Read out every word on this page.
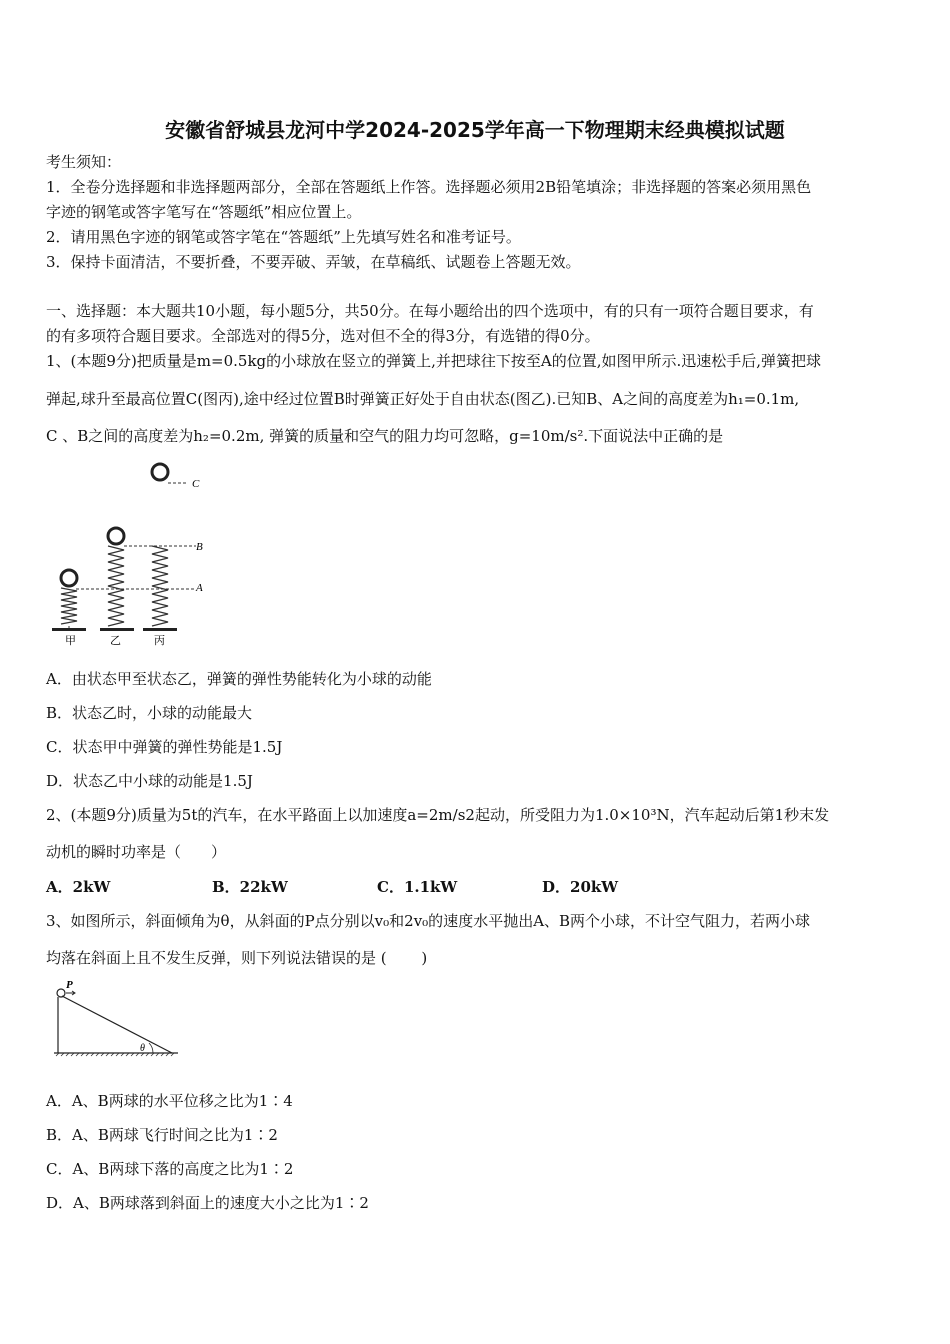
安徽省舒城县龙河中学2024-2025学年高一下物理期末经典模拟试题
考生须知：
1．全卷分选择题和非选择题两部分，全部在答题纸上作答。选择题必须用2B铅笔填涂；非选择题的答案必须用黑色
字迹的钢笔或答字笔写在“答题纸”相应位置上。
2．请用黑色字迹的钢笔或答字笔在“答题纸”上先填写姓名和准考证号。
3．保持卡面清洁，不要折叠，不要弄破、弄皱，在草稿纸、试题卷上答题无效。
一、选择题：本大题共10小题，每小题5分，共50分。在每小题给出的四个选项中，有的只有一项符合题目要求，有
的有多项符合题目要求。全部选对的得5分，选对但不全的得3分，有选错的得0分。
1、(本题9分)把质量是m=0.5kg的小球放在竖立的弹簧上,并把球往下按至A的位置,如图甲所示.迅速松手后,弹簧把球
弹起,球升至最高位置C(图丙),途中经过位置B时弹簧正好处于自由状态(图乙).已知B、A之间的高度差为h₁=0.1m,
C 、B之间的高度差为h₂=0.2m, 弹簧的质量和空气的阻力均可忽略，g=10m/s².下面说法中正确的是
C
B
A
甲	乙	丙
A．由状态甲至状态乙，弹簧的弹性势能转化为小球的动能
B．状态乙时，小球的动能最大
C．状态甲中弹簧的弹性势能是1.5J
D．状态乙中小球的动能是1.5J
2、(本题9分)质量为5t的汽车，在水平路面上以加速度a=2m/s2起动，所受阻力为1.0×10³N，汽车起动后第1秒末发
动机的瞬时功率是（　　）
A．2kW	B．22kW	C．1.1kW	D．20kW
3、如图所示，斜面倾角为θ，从斜面的P点分别以v₀和2v₀的速度水平抛出A、B两个小球，不计空气阻力，若两小球
均落在斜面上且不发生反弹，则下列说法错误的是 (　　 )
P
θ
A．A、B两球的水平位移之比为1∶4
B．A、B两球飞行时间之比为1∶2
C．A、B两球下落的高度之比为1∶2
D．A、B两球落到斜面上的速度大小之比为1∶2
